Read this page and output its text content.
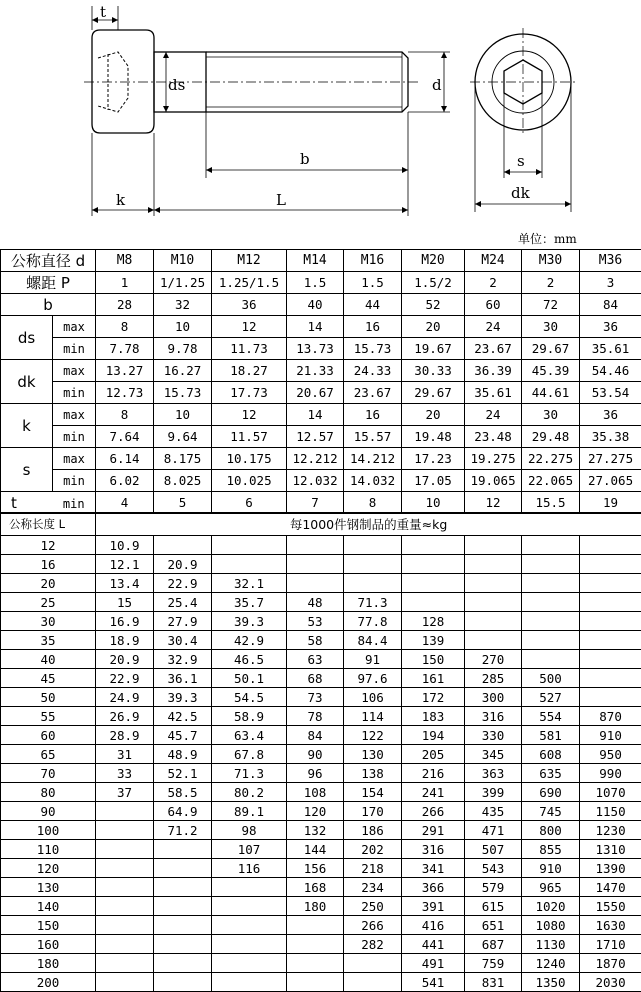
t
ds	d
b
k	L
s
dk
单位：mm
公称直径 d		M8	M10	M12	M14	M16	M20	M24	M30	M36
螺距 P		1	1/1.25	1.25/1.5	1.5	1.5	1.5/2	2	2	3
b		28	32	36	40	44	52	60	72	84
ds	max	8	10	12	14	16	20	24	30	36
	min	7.78	9.78	11.73	13.73	15.73	19.67	23.67	29.67	35.61
dk	max	13.27	16.27	18.27	21.33	24.33	30.33	36.39	45.39	54.46
	min	12.73	15.73	17.73	20.67	23.67	29.67	35.61	44.61	53.54
k	max	8	10	12	14	16	20	24	30	36
	min	7.64	9.64	11.57	12.57	15.57	19.48	23.48	29.48	35.38
s	max	6.14	8.175	10.175	12.212	14.212	17.23	19.275	22.275	27.275
	min	6.02	8.025	10.025	12.032	14.032	17.05	19.065	22.065	27.065
t min		4	5	6	7	8	10	12	15.5	19
公称长度 L	每1000件钢制品的重量≈kg								
12	10.9								
16	12.1	20.9							
20	13.4	22.9	32.1						
25	15	25.4	35.7	48	71.3				
30	16.9	27.9	39.3	53	77.8	128			
35	18.9	30.4	42.9	58	84.4	139			
40	20.9	32.9	46.5	63	91	150	270		
45	22.9	36.1	50.1	68	97.6	161	285	500	
50	24.9	39.3	54.5	73	106	172	300	527	
55	26.9	42.5	58.9	78	114	183	316	554	870
60	28.9	45.7	63.4	84	122	194	330	581	910
65	31	48.9	67.8	90	130	205	345	608	950
70	33	52.1	71.3	96	138	216	363	635	990
80	37	58.5	80.2	108	154	241	399	690	1070
90		64.9	89.1	120	170	266	435	745	1150
100		71.2	98	132	186	291	471	800	1230
110			107	144	202	316	507	855	1310
120			116	156	218	341	543	910	1390
130				168	234	366	579	965	1470
140				180	250	391	615	1020	1550
150					266	416	651	1080	1630
160					282	441	687	1130	1710
180						491	759	1240	1870
200						541	831	1350	2030
